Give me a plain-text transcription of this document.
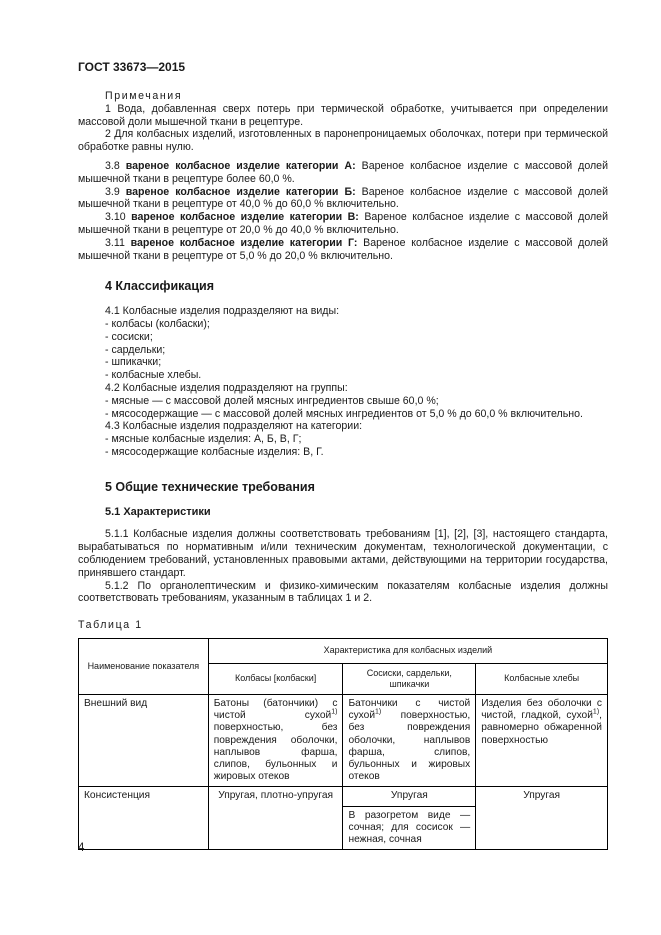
ГОСТ 33673—2015

Примечания

1 Вода, добавленная сверх потерь при термической обработке, учитывается при определении массовой доли мышечной ткани в рецептуре.

2 Для колбасных изделий, изготовленных в паронепроницаемых оболочках, потери при термической обработке равны нулю.

3.8 вареное колбасное изделие категории А: Вареное колбасное изделие с массовой долей мышечной ткани в рецептуре более 60,0 %.

3.9 вареное колбасное изделие категории Б: Вареное колбасное изделие с массовой долей мышечной ткани в рецептуре от 40,0 % до 60,0 % включительно.

3.10 вареное колбасное изделие категории В: Вареное колбасное изделие с массовой долей мышечной ткани в рецептуре от 20,0 % до 40,0 % включительно.

3.11 вареное колбасное изделие категории Г: Вареное колбасное изделие с массовой долей мышечной ткани в рецептуре от 5,0 % до 20,0 % включительно.

4 Классификация

4.1 Колбасные изделия подразделяют на виды:
- колбасы (колбаски);
- сосиски;
- сардельки;
- шпикачки;
- колбасные хлебы.
4.2 Колбасные изделия подразделяют на группы:
- мясные — с массовой долей мясных ингредиентов свыше 60,0 %;
- мясосодержащие — с массовой долей мясных ингредиентов от 5,0 % до 60,0 % включительно.
4.3 Колбасные изделия подразделяют на категории:
- мясные колбасные изделия: А, Б, В, Г;
- мясосодержащие колбасные изделия: В, Г.

5 Общие технические требования

5.1 Характеристики

5.1.1 Колбасные изделия должны соответствовать требованиям [1], [2], [3], настоящего стандарта, вырабатываться по нормативным и/или техническим документам, технологической документации, с соблюдением требований, установленных правовыми актами, действующими на территории государства, принявшего стандарт.

5.1.2 По органолептическим и физико-химическим показателям колбасные изделия должны соответствовать требованиям, указанным в таблицах 1 и 2.

Таблица 1

Наименование показателя	Характеристика для колбасных изделий		
	Колбасы [колбаски]	Сосиски, сардельки, шпикачки	Колбасные хлебы
Внешний вид	Батоны (батончики) с чистой сухой$^{1)}$ поверхностью, без повреждения оболочки, наплывов фарша, слипов, бульонных и жировых отеков	Батончики с чистой сухой$^{1)}$ поверхностью, без повреждения оболочки, наплывов фарша, слипов, бульонных и жировых отеков	Изделия без оболочки с чистой, гладкой, сухой$^{1)}$, равномерно обжаренной поверхностью
Консистенция	Упругая, плотно-упругая	Упругая	Упругая
		В разогретом виде — сочная; для сосисок — нежная, сочная	
4
